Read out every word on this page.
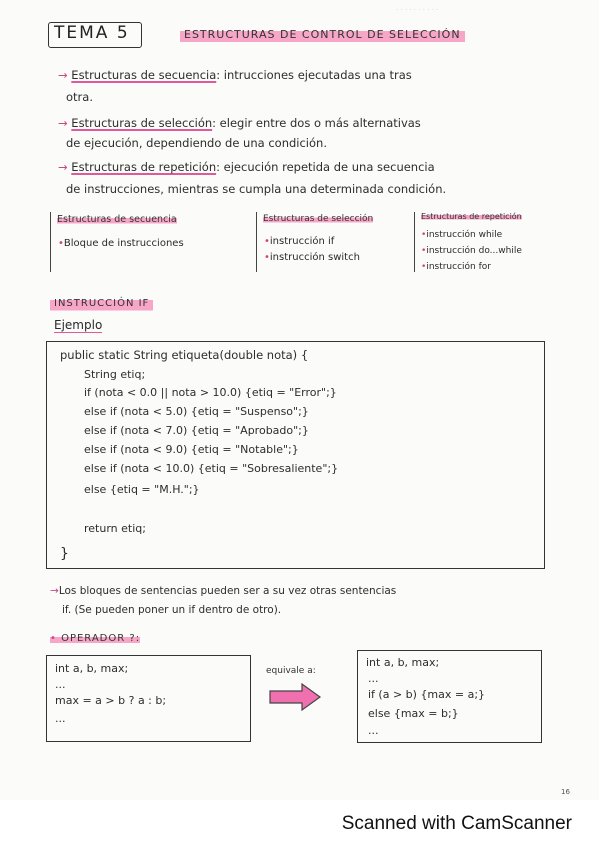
· · · · · · · · · ·
TEMA 5	ESTRUCTURAS DE CONTROL DE SELECCIÓN
→ Estructuras de secuencia: intrucciones ejecutadas una tras
otra.
→ Estructuras de selección: elegir entre dos o más alternativas
de ejecución, dependiendo de una condición.
→ Estructuras de repetición: ejecución repetida de una secuencia
de instrucciones, mientras se cumpla una determinada condición.
Estructuras de secuencia
•Bloque de instrucciones
Estructuras de selección
•instrucción if
•instrucción switch
Estructuras de repetición
•instrucción while
•instrucción do...while
•instrucción for
INSTRUCCIÓN IF
Ejemplo
public static String etiqueta(double nota) {
String etiq;
if (nota < 0.0 || nota > 10.0) {etiq = "Error";}
else if (nota < 5.0) {etiq = "Suspenso";}
else if (nota < 7.0) {etiq = "Aprobado";}
else if (nota < 9.0) {etiq = "Notable";}
else if (nota < 10.0) {etiq = "Sobresaliente";}
else {etiq = "M.H.";}
return etiq;
}
→Los bloques de sentencias pueden ser a su vez otras sentencias
if. (Se pueden poner un if dentro de otro).
• OPERADOR ?:
int a, b, max;
...
max = a > b ? a : b;
...
equivale a:
int a, b, max;
...
if (a > b) {max = a;}
else {max = b;}
...
16
Scanned with CamScanner
